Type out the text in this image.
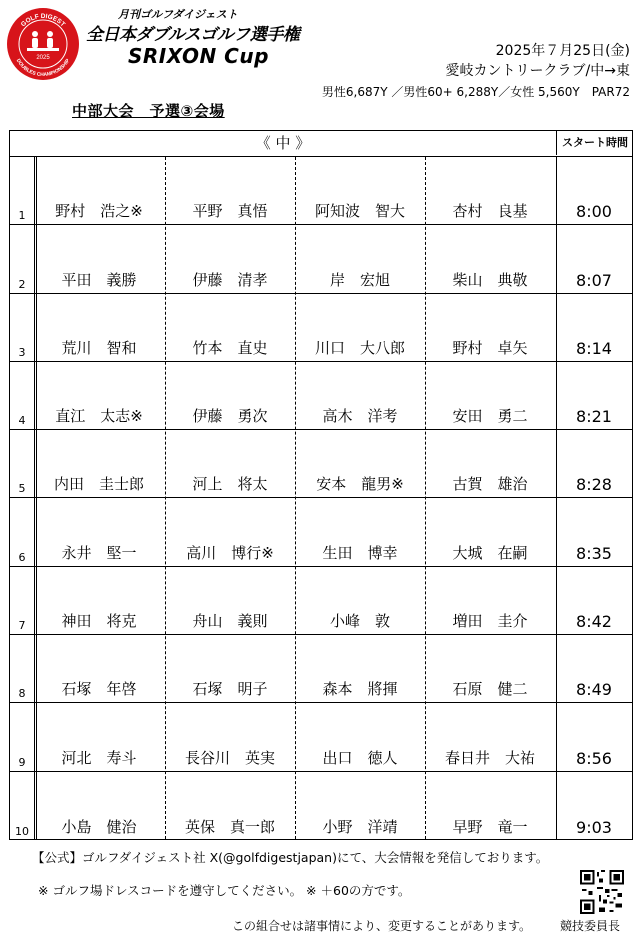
GOLF DIGEST
DOUBLES CHAMPIONSHIP
2025
月刊ゴルフダイジェスト
全日本ダブルスゴルフ選手権
SRIXON Cup	2025年７月25日(金)
愛岐カントリークラブ/中→東
男性6,687Y ／男性60+ 6,288Y／女性 5,560Y　PAR72
中部大会　予選③会場
《 中 》	スタート時間
1	野村　浩之※	平野　真悟	阿知波　智大	杏村　良基	8:00
2	平田　義勝	伊藤　清孝	岸　宏旭	柴山　典敬	8:07
3	荒川　智和	竹本　直史	川口　大八郎	野村　卓矢	8:14
4	直江　太志※	伊藤　勇次	高木　洋考	安田　勇二	8:21
5	内田　圭士郎	河上　将太	安本　龍男※	古賀　雄治	8:28
6	永井　堅一	高川　博行※	生田　博幸	大城　在嗣	8:35
7	神田　将克	舟山　義則	小峰　敦	増田　圭介	8:42
8	石塚　年啓	石塚　明子	森本　將揮	石原　健二	8:49
9	河北　寿斗	長谷川　英実	出口　徳人	春日井　大祐	8:56
10	小島　健治	英保　真一郎	小野　洋靖	早野　竜一	9:03
【公式】ゴルフダイジェスト社 X(@golfdigestjapan)にて、大会情報を発信しております。
※ ゴルフ場ドレスコードを遵守してください。 ※ ＋60の方です。
この組合せは諸事情により、変更することがあります。 競技委員長
